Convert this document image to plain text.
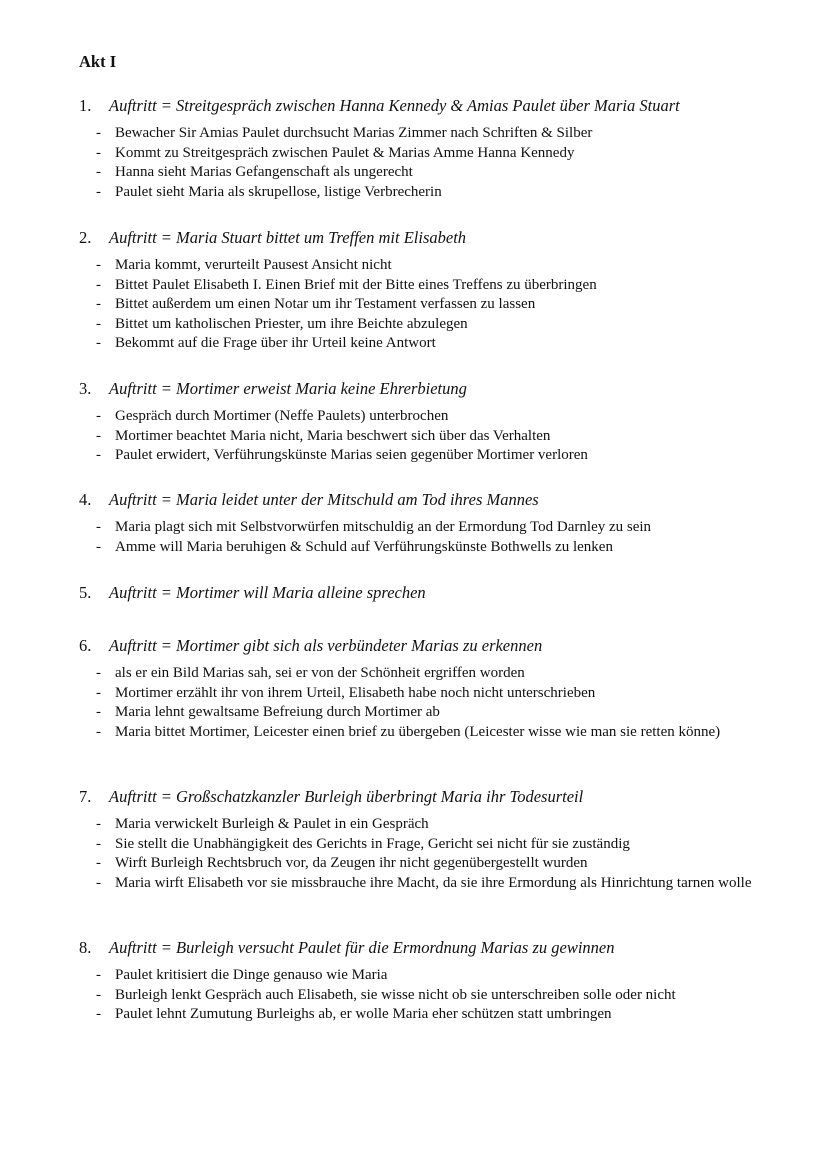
Akt I
1. Auftritt = Streitgespräch zwischen Hanna Kennedy & Amias Paulet über Maria Stuart
- Bewacher Sir Amias Paulet durchsucht Marias Zimmer nach Schriften & Silber
- Kommt zu Streitgespräch zwischen Paulet & Marias Amme Hanna Kennedy
- Hanna sieht Marias Gefangenschaft als ungerecht
- Paulet sieht Maria als skrupellose, listige Verbrecherin
2. Auftritt = Maria Stuart bittet um Treffen mit Elisabeth
- Maria kommt, verurteilt Pausest Ansicht nicht
- Bittet Paulet Elisabeth I. Einen Brief mit der Bitte eines Treffens zu überbringen
- Bittet außerdem um einen Notar um ihr Testament verfassen zu lassen
- Bittet um katholischen Priester, um ihre Beichte abzulegen
- Bekommt auf die Frage über ihr Urteil keine Antwort
3. Auftritt = Mortimer erweist Maria keine Ehrerbietung
- Gespräch durch Mortimer (Neffe Paulets) unterbrochen
- Mortimer beachtet Maria nicht, Maria beschwert sich über das Verhalten
- Paulet erwidert, Verführungskünste Marias seien gegenüber Mortimer verloren
4. Auftritt = Maria leidet unter der Mitschuld am Tod ihres Mannes
- Maria plagt sich mit Selbstvorwürfen mitschuldig an der Ermordung Tod Darnley zu sein
- Amme will Maria beruhigen & Schuld auf Verführungskünste Bothwells zu lenken
5. Auftritt = Mortimer will Maria alleine sprechen
6. Auftritt = Mortimer gibt sich als verbündeter Marias zu erkennen
- als er ein Bild Marias sah, sei er von der Schönheit ergriffen worden
- Mortimer erzählt ihr von ihrem Urteil, Elisabeth habe noch nicht unterschrieben
- Maria lehnt gewaltsame Befreiung durch Mortimer ab
- Maria bittet Mortimer, Leicester einen brief zu übergeben (Leicester wisse wie man sie retten könne)
7. Auftritt = Großschatzkanzler Burleigh überbringt Maria ihr Todesurteil
- Maria verwickelt Burleigh & Paulet in ein Gespräch
- Sie stellt die Unabhängigkeit des Gerichts in Frage, Gericht sei nicht für sie zuständig
- Wirft Burleigh Rechtsbruch vor, da Zeugen ihr nicht gegenübergestellt wurden
- Maria wirft Elisabeth vor sie missbrauche ihre Macht, da sie ihre Ermordung als Hinrichtung tarnen wolle
8. Auftritt = Burleigh versucht Paulet für die Ermordnung Marias zu gewinnen
- Paulet kritisiert die Dinge genauso wie Maria
- Burleigh lenkt Gespräch auch Elisabeth, sie wisse nicht ob sie unterschreiben solle oder nicht
- Paulet lehnt Zumutung Burleighs ab, er wolle Maria eher schützen statt umbringen
